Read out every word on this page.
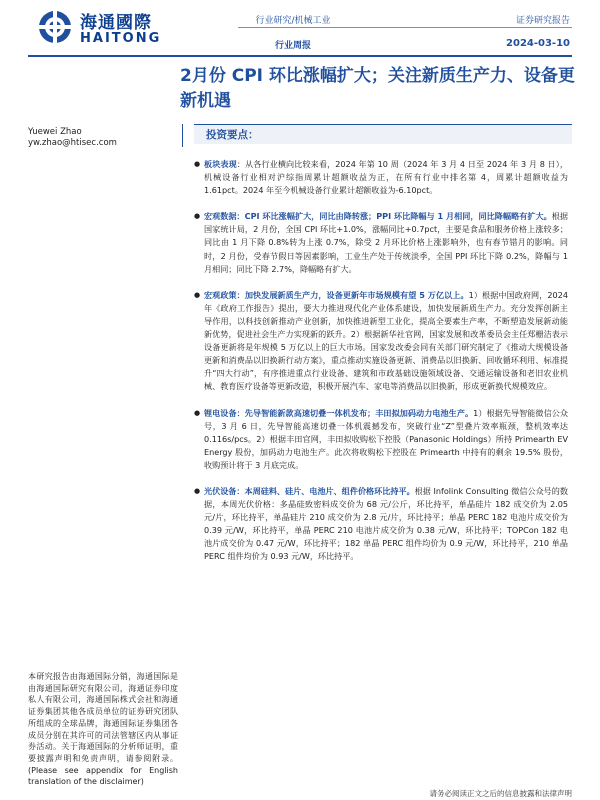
海通國際
HAITONG
行业研究/机械工业
行业周报
证券研究报告
2024-03-10
2月份 CPI 环比涨幅扩大；关注新质生产力、设备更新机遇
Yuewei Zhao
yw.zhao@htisec.com
本研究报告由海通国际分销，海通国际是由海通国际研究有限公司，海通证券印度私人有限公司，海通国际株式会社和海通证券集团其他各成员单位的证券研究团队所组成的全球品牌，海通国际证券集团各成员分别在其许可的司法管辖区内从事证券活动。关于海通国际的分析师证明，重要披露声明和免责声明，请参阅附录。(Please see appendix for English translation of the disclaimer)
投资要点：
● 板块表现：从各行业横向比较来看，2024 年第 10 周（2024 年 3 月 4 日至 2024 年 3 月 8 日），机械设备行业相对沪综指周累计超额收益为正，在所有行业中排名第 4，周累计超额收益为 1.61pct。2024 年至今机械设备行业累计超额收益为-6.10pct。
● 宏观数据：CPI 环比涨幅扩大，同比由降转涨；PPI 环比降幅与 1 月相同，同比降幅略有扩大。根据国家统计局，2 月份，全国 CPI 环比+1.0%，涨幅同比+0.7pct，主要是食品和服务价格上涨较多；同比由 1 月下降 0.8%转为上涨 0.7%，除受 2 月环比价格上涨影响外，也有春节错月的影响。同时，2 月份，受春节假日等因素影响，工业生产处于传统淡季，全国 PPI 环比下降 0.2%，降幅与 1 月相同；同比下降 2.7%，降幅略有扩大。
● 宏观政策：加快发展新质生产力，设备更新年市场规模有望 5 万亿以上。1）根据中国政府网，2024 年《政府工作报告》提出，要大力推进现代化产业体系建设，加快发展新质生产力。充分发挥创新主导作用，以科技创新推动产业创新，加快推进新型工业化，提高全要素生产率，不断塑造发展新动能新优势，促进社会生产力实现新的跃升。2）根据新华社官网，国家发展和改革委员会主任郑栅洁表示设备更新将是年规模 5 万亿以上的巨大市场。国家发改委会同有关部门研究制定了《推动大规模设备更新和消费品以旧换新行动方案》，重点推动实施设备更新、消费品以旧换新、回收循环利用、标准提升“四大行动”，有序推进重点行业设备、建筑和市政基础设施领域设备、交通运输设备和老旧农业机械、教育医疗设备等更新改造，积极开展汽车、家电等消费品以旧换新，形成更新换代规模效应。
● 锂电设备：先导智能新款高速切叠一体机发布；丰田拟加码动力电池生产。1）根据先导智能微信公众号，3 月 6 日，先导智能高速切叠一体机震撼发布，突破行业“Z”型叠片效率瓶颈，整机效率达 0.116s/pcs。2）根据丰田官网，丰田拟收购松下控股（Panasonic Holdings）所持 Primearth EV Energy 股份，加码动力电池生产。此次将收购松下控股在 Primearth 中持有的剩余 19.5% 股份，收购预计将于 3 月底完成。
● 光伏设备：本周硅料、硅片、电池片、组件价格环比持平。根据 Infolink Consulting 微信公众号的数据，本周光伏价格：多晶硅致密料成交价为 68 元/公斤，环比持平，单晶硅片 182 成交价为 2.05 元/片，环比持平，单晶硅片 210 成交价为 2.8 元/片，环比持平；单晶 PERC 182 电池片成交价为 0.39 元/W，环比持平，单晶 PERC 210 电池片成交价为 0.38 元/W，环比持平；TOPCon 182 电池片成交价为 0.47 元/W，环比持平；182 单晶 PERC 组件均价为 0.9 元/W，环比持平，210 单晶 PERC 组件均价为 0.93 元/W，环比持平。
请务必阅读正文之后的信息披露和法律声明
